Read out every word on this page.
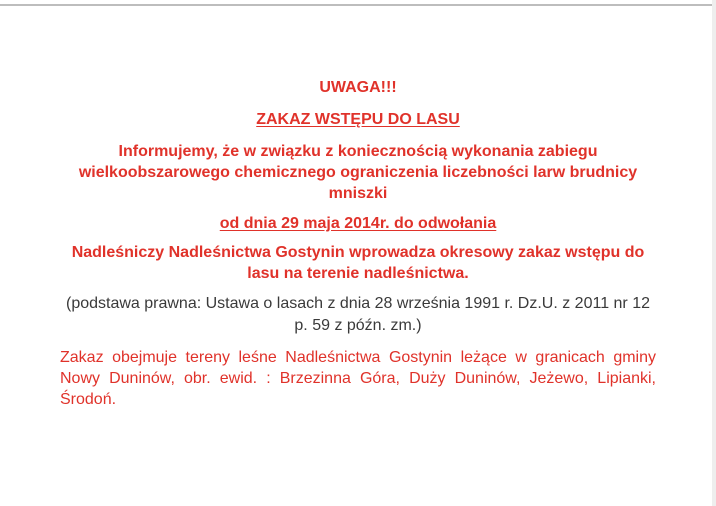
UWAGA!!!

ZAKAZ WSTĘPU DO LASU

Informujemy, że w związku z koniecznością wykonania zabiegu wielkoobszarowego chemicznego ograniczenia liczebności larw brudnicy mniszki

od dnia 29 maja 2014r. do odwołania

Nadleśniczy Nadleśnictwa Gostynin wprowadza okresowy zakaz wstępu do lasu na terenie nadleśnictwa.

(podstawa prawna: Ustawa o lasach z dnia 28 września 1991 r. Dz.U. z 2011 nr 12 p. 59 z późn. zm.)

Zakaz obejmuje tereny leśne Nadleśnictwa Gostynin leżące w granicach gminy Nowy Duninów, obr. ewid. : Brzezinna Góra, Duży Duninów, Jeżewo, Lipianki, Środoń.
